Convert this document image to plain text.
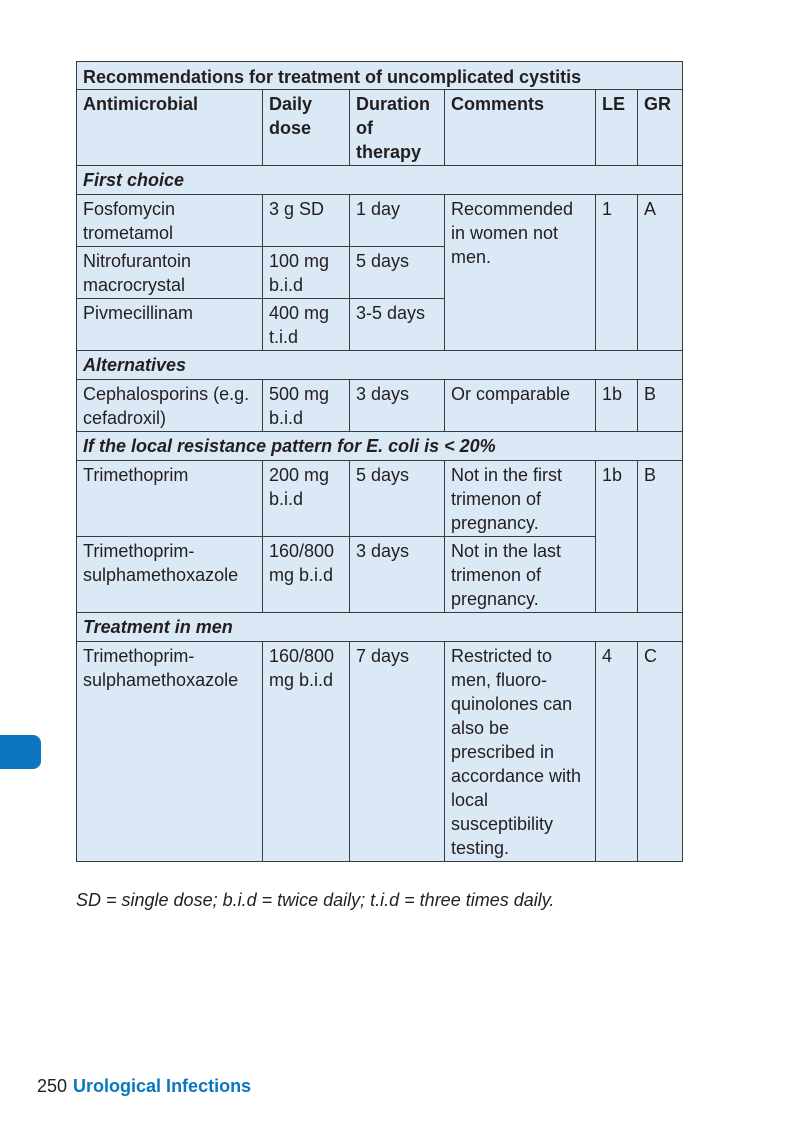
Recommendations for treatment of uncomplicated cystitis					
Antimicrobial	Daily dose	Duration of therapy	Comments	LE	GR
First choice					
Fosfomycin trometamol	3 g SD	1 day	Recommended in women not men.	1	A
Nitrofurantoin macrocrystal	100 mg b.i.d	5 days			
Pivmecillinam	400 mg t.i.d	3-5 days			
Alternatives					
Cephalosporins (e.g. cefadroxil)	500 mg b.i.d	3 days	Or comparable	1b	B
If the local resistance pattern for E. coli is < 20%					
Trimethoprim	200 mg b.i.d	5 days	Not in the first trimenon of pregnancy.	1b	B
Trimethoprim-sulphamethoxazole	160/800 mg b.i.d	3 days	Not in the last trimenon of pregnancy.		
Treatment in men					
Trimethoprim-sulphamethoxazole	160/800 mg b.i.d	7 days	Restricted to men, fluoro-quinolones can also be prescribed in accordance with local susceptibility testing.	4	C
SD = single dose; b.i.d = twice daily; t.i.d = three times daily.
250 Urological Infections
